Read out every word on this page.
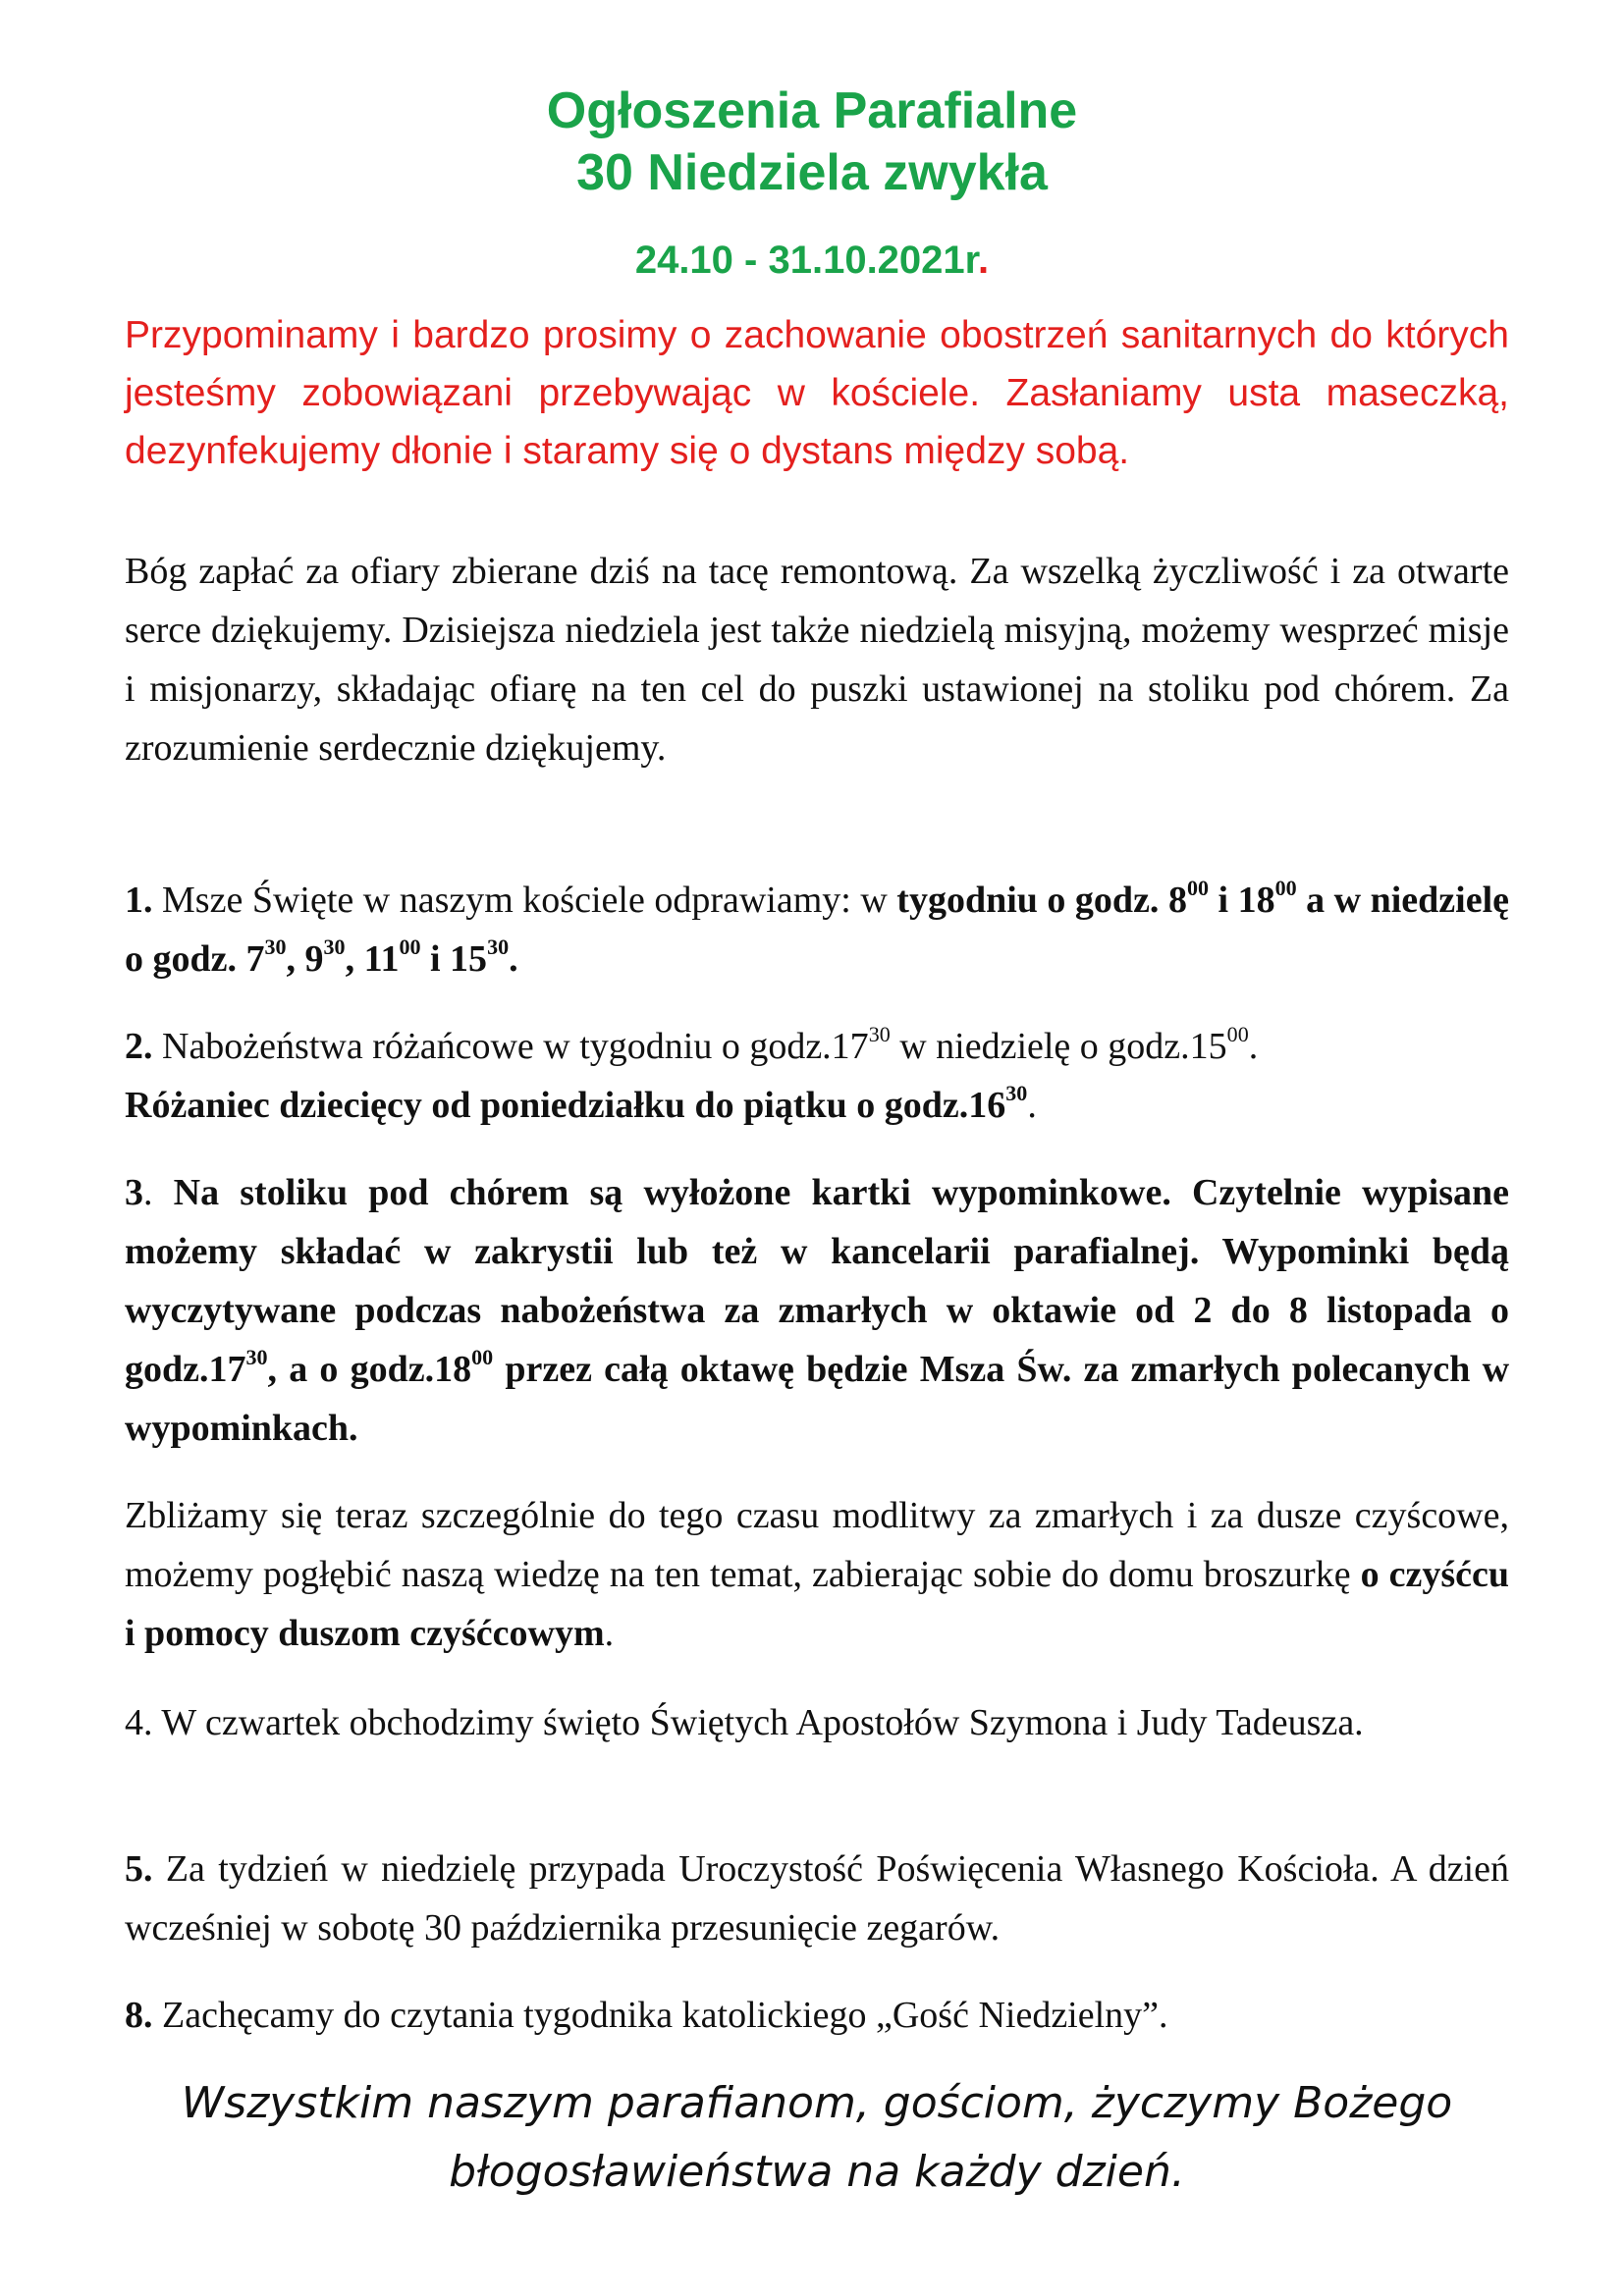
Ogłoszenia Parafialne
30 Niedziela zwykła
24.10 - 31.10.2021r.

Przypominamy i bardzo prosimy o zachowanie obostrzeń sanitarnych do których jesteśmy zobowiązani przebywając w kościele. Zasłaniamy usta maseczką, dezynfekujemy dłonie i staramy się o dystans między sobą.

Bóg zapłać za ofiary zbierane dziś na tacę remontową. Za wszelką życzliwość i za otwarte serce dziękujemy. Dzisiejsza niedziela jest także niedzielą misyjną, możemy wesprzeć misje i misjonarzy, składając ofiarę na ten cel do puszki ustawionej na stoliku pod chórem. Za zrozumienie serdecznie dziękujemy.

1. Msze Święte w naszym kościele odprawiamy: w tygodniu o godz. $8^{00}$ i $18^{00}$ a w niedzielę o godz. $7^{30}$, $9^{30}$, $11^{00}$ i $15^{30}$.

2. Nabożeństwa różańcowe w tygodniu o $godz.17^{30}$ w niedzielę o $godz.15^{00}$.
Różaniec dziecięcy od poniedziałku do piątku o $godz.16^{30}$.

3. Na stoliku pod chórem są wyłożone kartki wypominkowe. Czytelnie wypisane możemy składać w zakrystii lub też w kancelarii parafialnej. Wypominki będą wyczytywane podczas nabożeństwa za zmarłych w oktawie od 2 do 8 listopada o $godz.17^{30}$, a o $godz.18^{00}$ przez całą oktawę będzie Msza Św. za zmarłych polecanych w wypominkach.

Zbliżamy się teraz szczególnie do tego czasu modlitwy za zmarłych i za dusze czyścowe, możemy pogłębić naszą wiedzę na ten temat, zabierając sobie do domu broszurkę o czyśćcu i pomocy duszom czyśćcowym.

4. W czwartek obchodzimy święto Świętych Apostołów Szymona i Judy Tadeusza.

5. Za tydzień w niedzielę przypada Uroczystość Poświęcenia Własnego Kościoła. A dzień wcześniej w sobotę 30 października przesunięcie zegarów.

8. Zachęcamy do czytania tygodnika katolickiego „Gość Niedzielny”.

Wszystkim naszym parafianom, gościom, życzymy Bożego
błogosławieństwa na każdy dzień.
